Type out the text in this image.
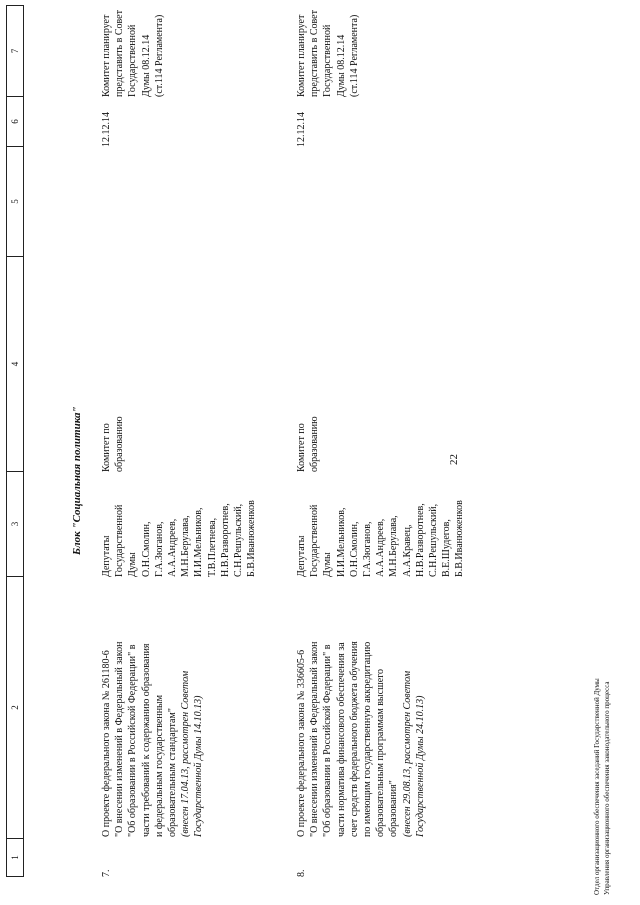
22
1
2
3
4
5
6
7
Блок "Социальная политика"
7.
О проекте федерального закона № 261180-6 "О внесении изменений в Федеральный закон "Об образовании в Российской Федерации" в части требований к содержанию образования и федеральным государственным образовательным стандартам" (внесен 17.04.13, рассмотрен Советом Государственной Думы 14.10.13)
Депутаты Государственной Думы О.Н.Смолин, Г.А.Зюганов, А.А.Андреев, М.Н.Берулава, И.И.Мельников, Т.В.Плетнева, Н.В.Разворотнев, С.Н.Решульский, Б.В.Иванюженков
Комитет по образованию
12.12.14
Комитет планирует представить в Совет Государственной Думы 08.12.14 (ст.114 Регламента)
8.
О проекте федерального закона № 336605-6 "О внесении изменений в Федеральный закон "Об образовании в Российской Федерации" в части норматива финансового обеспечения за счет средств федерального бюджета обучения по имеющим государственную аккредитацию образовательным программам высшего образования" (внесен 29.08.13, рассмотрен Советом Государственной Думы 24.10.13)
Депутаты Государственной Думы И.И.Мельников, О.Н.Смолин, Г.А.Зюганов, А.А.Андреев, М.Н.Берулава, А.А.Кравец, Н.В.Разворотнев, С.Н.Решульский, В.Е.Шудегов, Б.В.Иванюженков
Комитет по образованию
12.12.14
Комитет планирует представить в Совет Государственной Думы 08.12.14 (ст.114 Регламента)
Отдел организационного обеспечения заседаний Государственной Думы Управления организационного обеспечения законодательного процесса
